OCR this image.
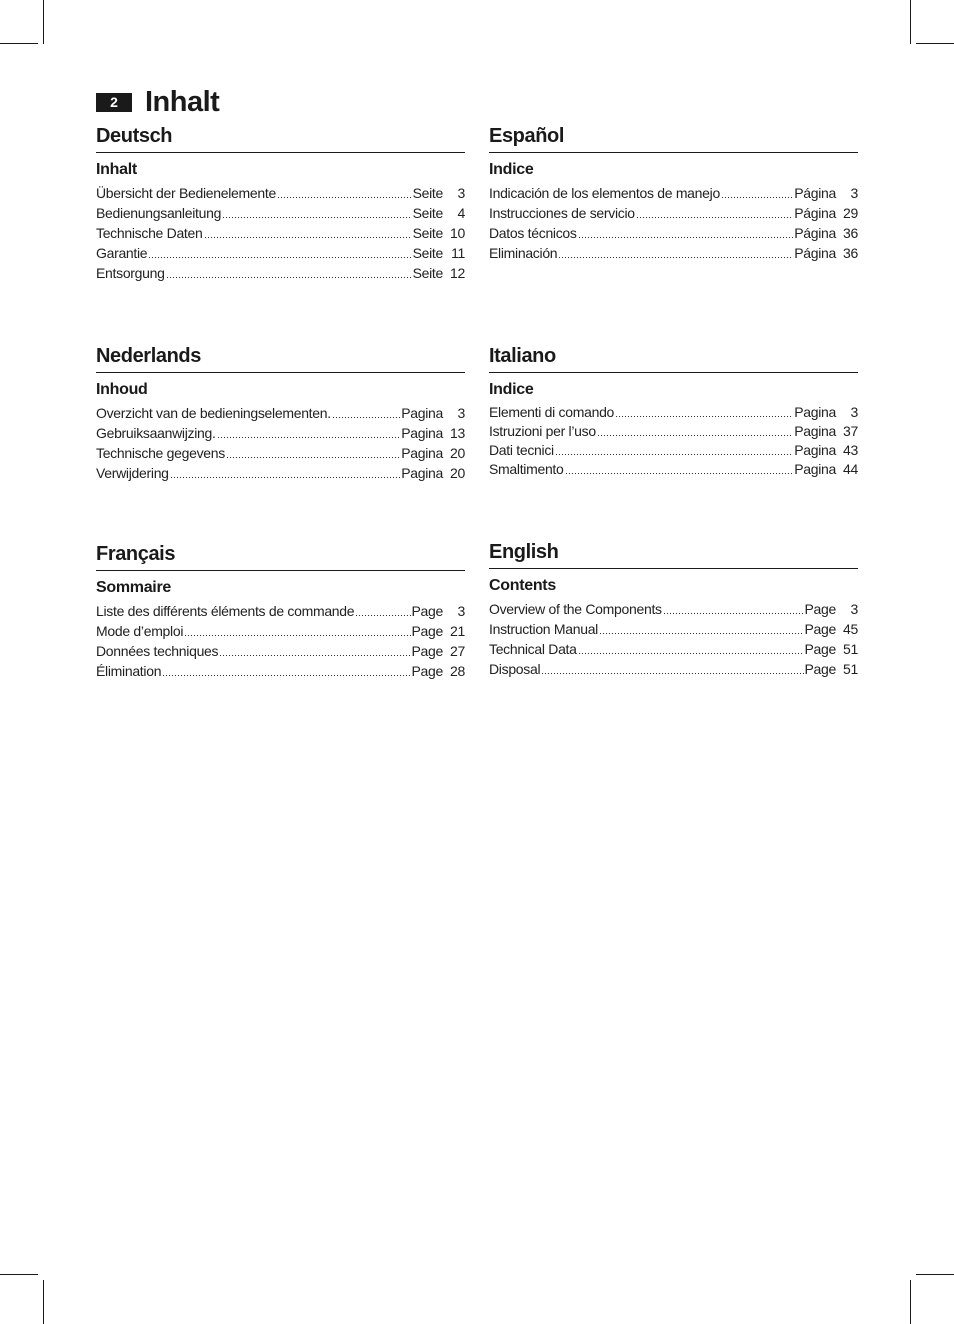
2 Inhalt
Deutsch
Inhalt
Übersicht der Bedienelemente	Seite	3
Bedienungsanleitung	Seite	4
Technische Daten	Seite 10
Garantie	Seite 11
Entsorgung	Seite 12
Español
Indice
Indicación de los elementos de manejo	Página	3
Instrucciones de servicio	Página 29
Datos técnicos	Página 36
Eliminación	Página 36
Nederlands
Inhoud
Overzicht van de bedieningselementen.	Pagina	3
Gebruiksaanwijzing.	Pagina 13
Technische gegevens	Pagina 20
Verwijdering	Pagina 20
Italiano
Indice
Elementi di comando	Pagina	3
Istruzioni per l’uso	Pagina 37
Dati tecnici	Pagina 43
Smaltimento	Pagina 44
Français
Sommaire
Liste des différents éléments de commande	Page	3
Mode d’emploi	Page 21
Données techniques	Page 27
Élimination	Page 28
English
Contents
Overview of the Components	Page	3
Instruction Manual	Page 45
Technical Data	Page 51
Disposal	Page 51
